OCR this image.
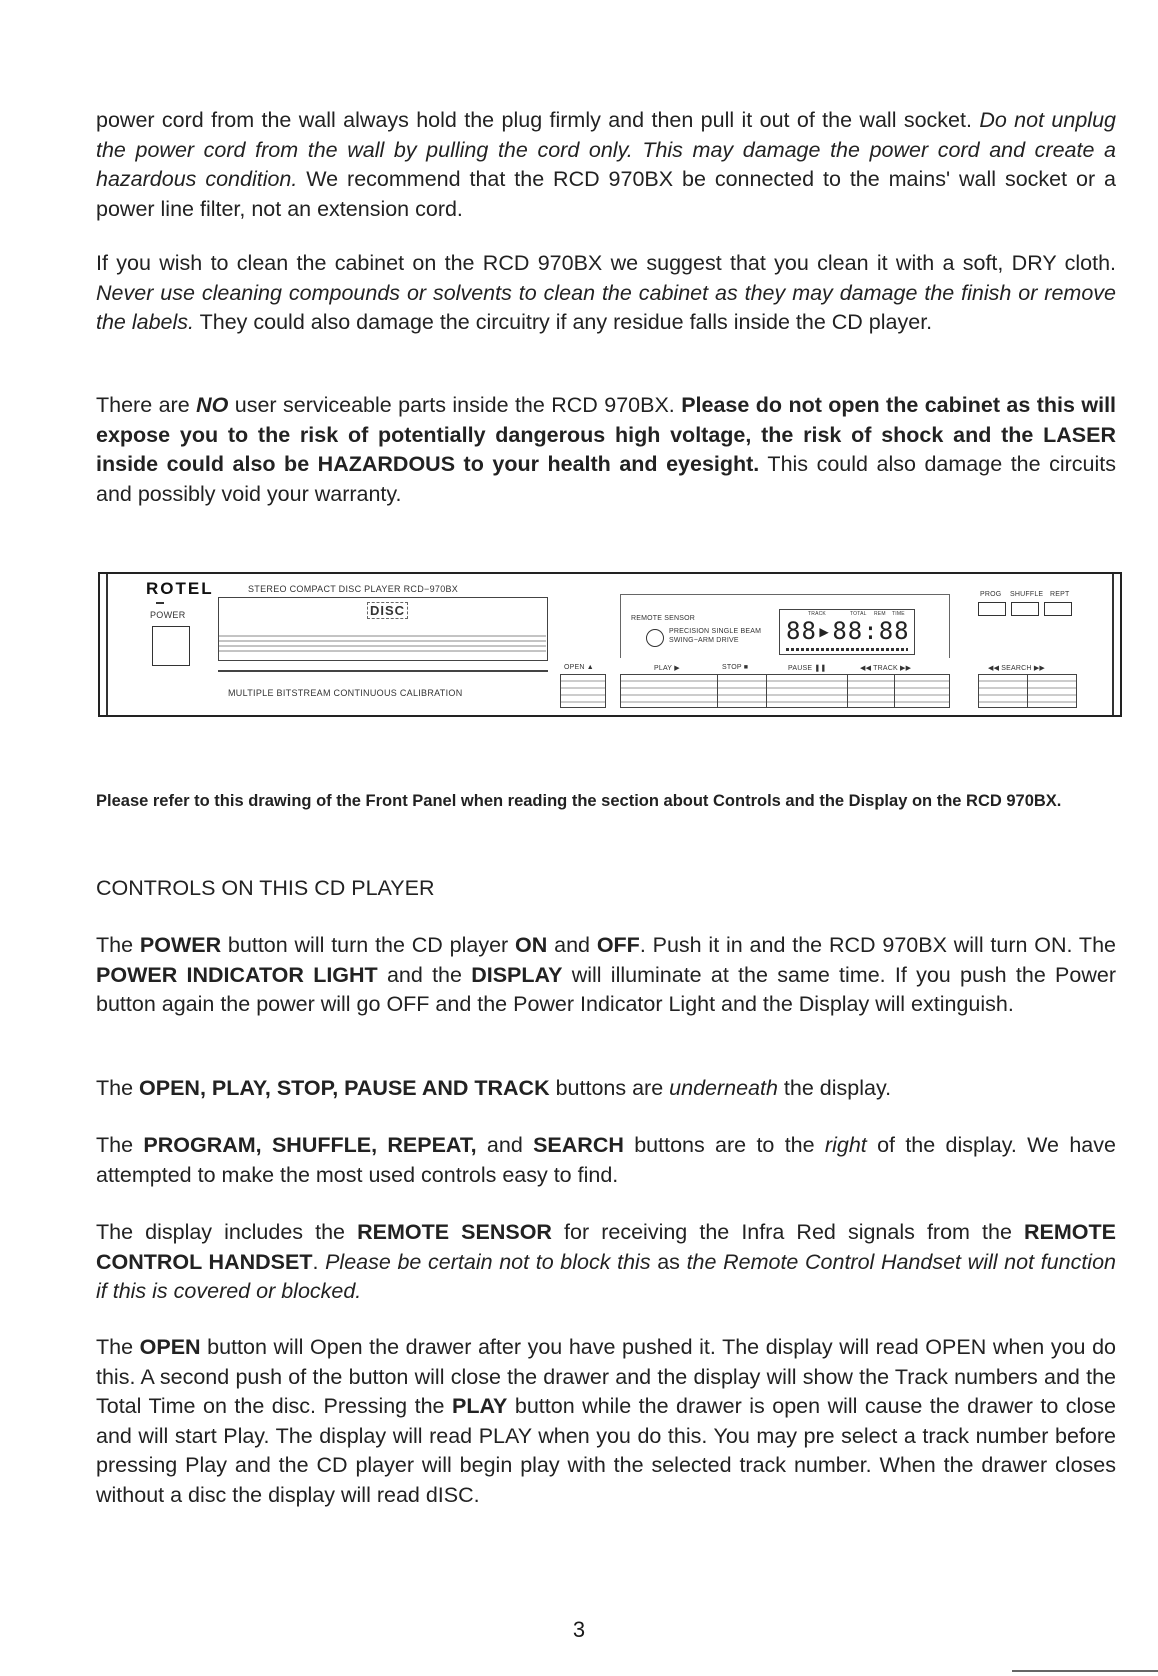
power cord from the wall always hold the plug firmly and then pull it out of the wall socket. Do not unplug the power cord from the wall by pulling the cord only. This may damage the power cord and create a hazardous condition. We recommend that the RCD 970BX be connected to the mains' wall socket or a power line filter, not an extension cord.

If you wish to clean the cabinet on the RCD 970BX we suggest that you clean it with a soft, DRY cloth. Never use cleaning compounds or solvents to clean the cabinet as they may damage the finish or remove the labels. They could also damage the circuitry if any residue falls inside the CD player.

There are NO user serviceable parts inside the RCD 970BX. Please do not open the cabinet as this will expose you to the risk of potentially dangerous high voltage, the risk of shock and the LASER inside could also be HAZARDOUS to your health and eyesight. This could also damage the circuits and possibly void your warranty.

ROTEL	STEREO COMPACT DISC PLAYER RCD−970BX
POWER	DISC
MULTIPLE BITSTREAM CONTINUOUS CALIBRATION
OPEN ▲
REMOTE SENSOR
PRECISION SINGLE BEAM
SWING−ARM DRIVE
TRACK	TOTAL REM TIME
88▸88:88
PLAY ▶	STOP ■	PAUSE ❚❚	◀◀ TRACK ▶▶
PROG SHUFFLE REPT
◀◀ SEARCH ▶▶

Please refer to this drawing of the Front Panel when reading the section about Controls and the Display on the RCD 970BX.

CONTROLS ON THIS CD PLAYER

The POWER button will turn the CD player ON and OFF. Push it in and the RCD 970BX will turn ON. The POWER INDICATOR LIGHT and the DISPLAY will illuminate at the same time. If you push the Power button again the power will go OFF and the Power Indicator Light and the Display will extinguish.

The OPEN, PLAY, STOP, PAUSE AND TRACK buttons are underneath the display.

The PROGRAM, SHUFFLE, REPEAT, and SEARCH buttons are to the right of the display. We have attempted to make the most used controls easy to find.

The display includes the REMOTE SENSOR for receiving the Infra Red signals from the REMOTE CONTROL HANDSET. Please be certain not to block this as the Remote Control Handset will not function if this is covered or blocked.

The OPEN button will Open the drawer after you have pushed it. The display will read OPEN when you do this. A second push of the button will close the drawer and the display will show the Track numbers and the Total Time on the disc. Pressing the PLAY button while the drawer is open will cause the drawer to close and will start Play. The display will read PLAY when you do this. You may pre select a track number before pressing Play and the CD player will begin play with the selected track number. When the drawer closes without a disc the display will read dISC.

3
